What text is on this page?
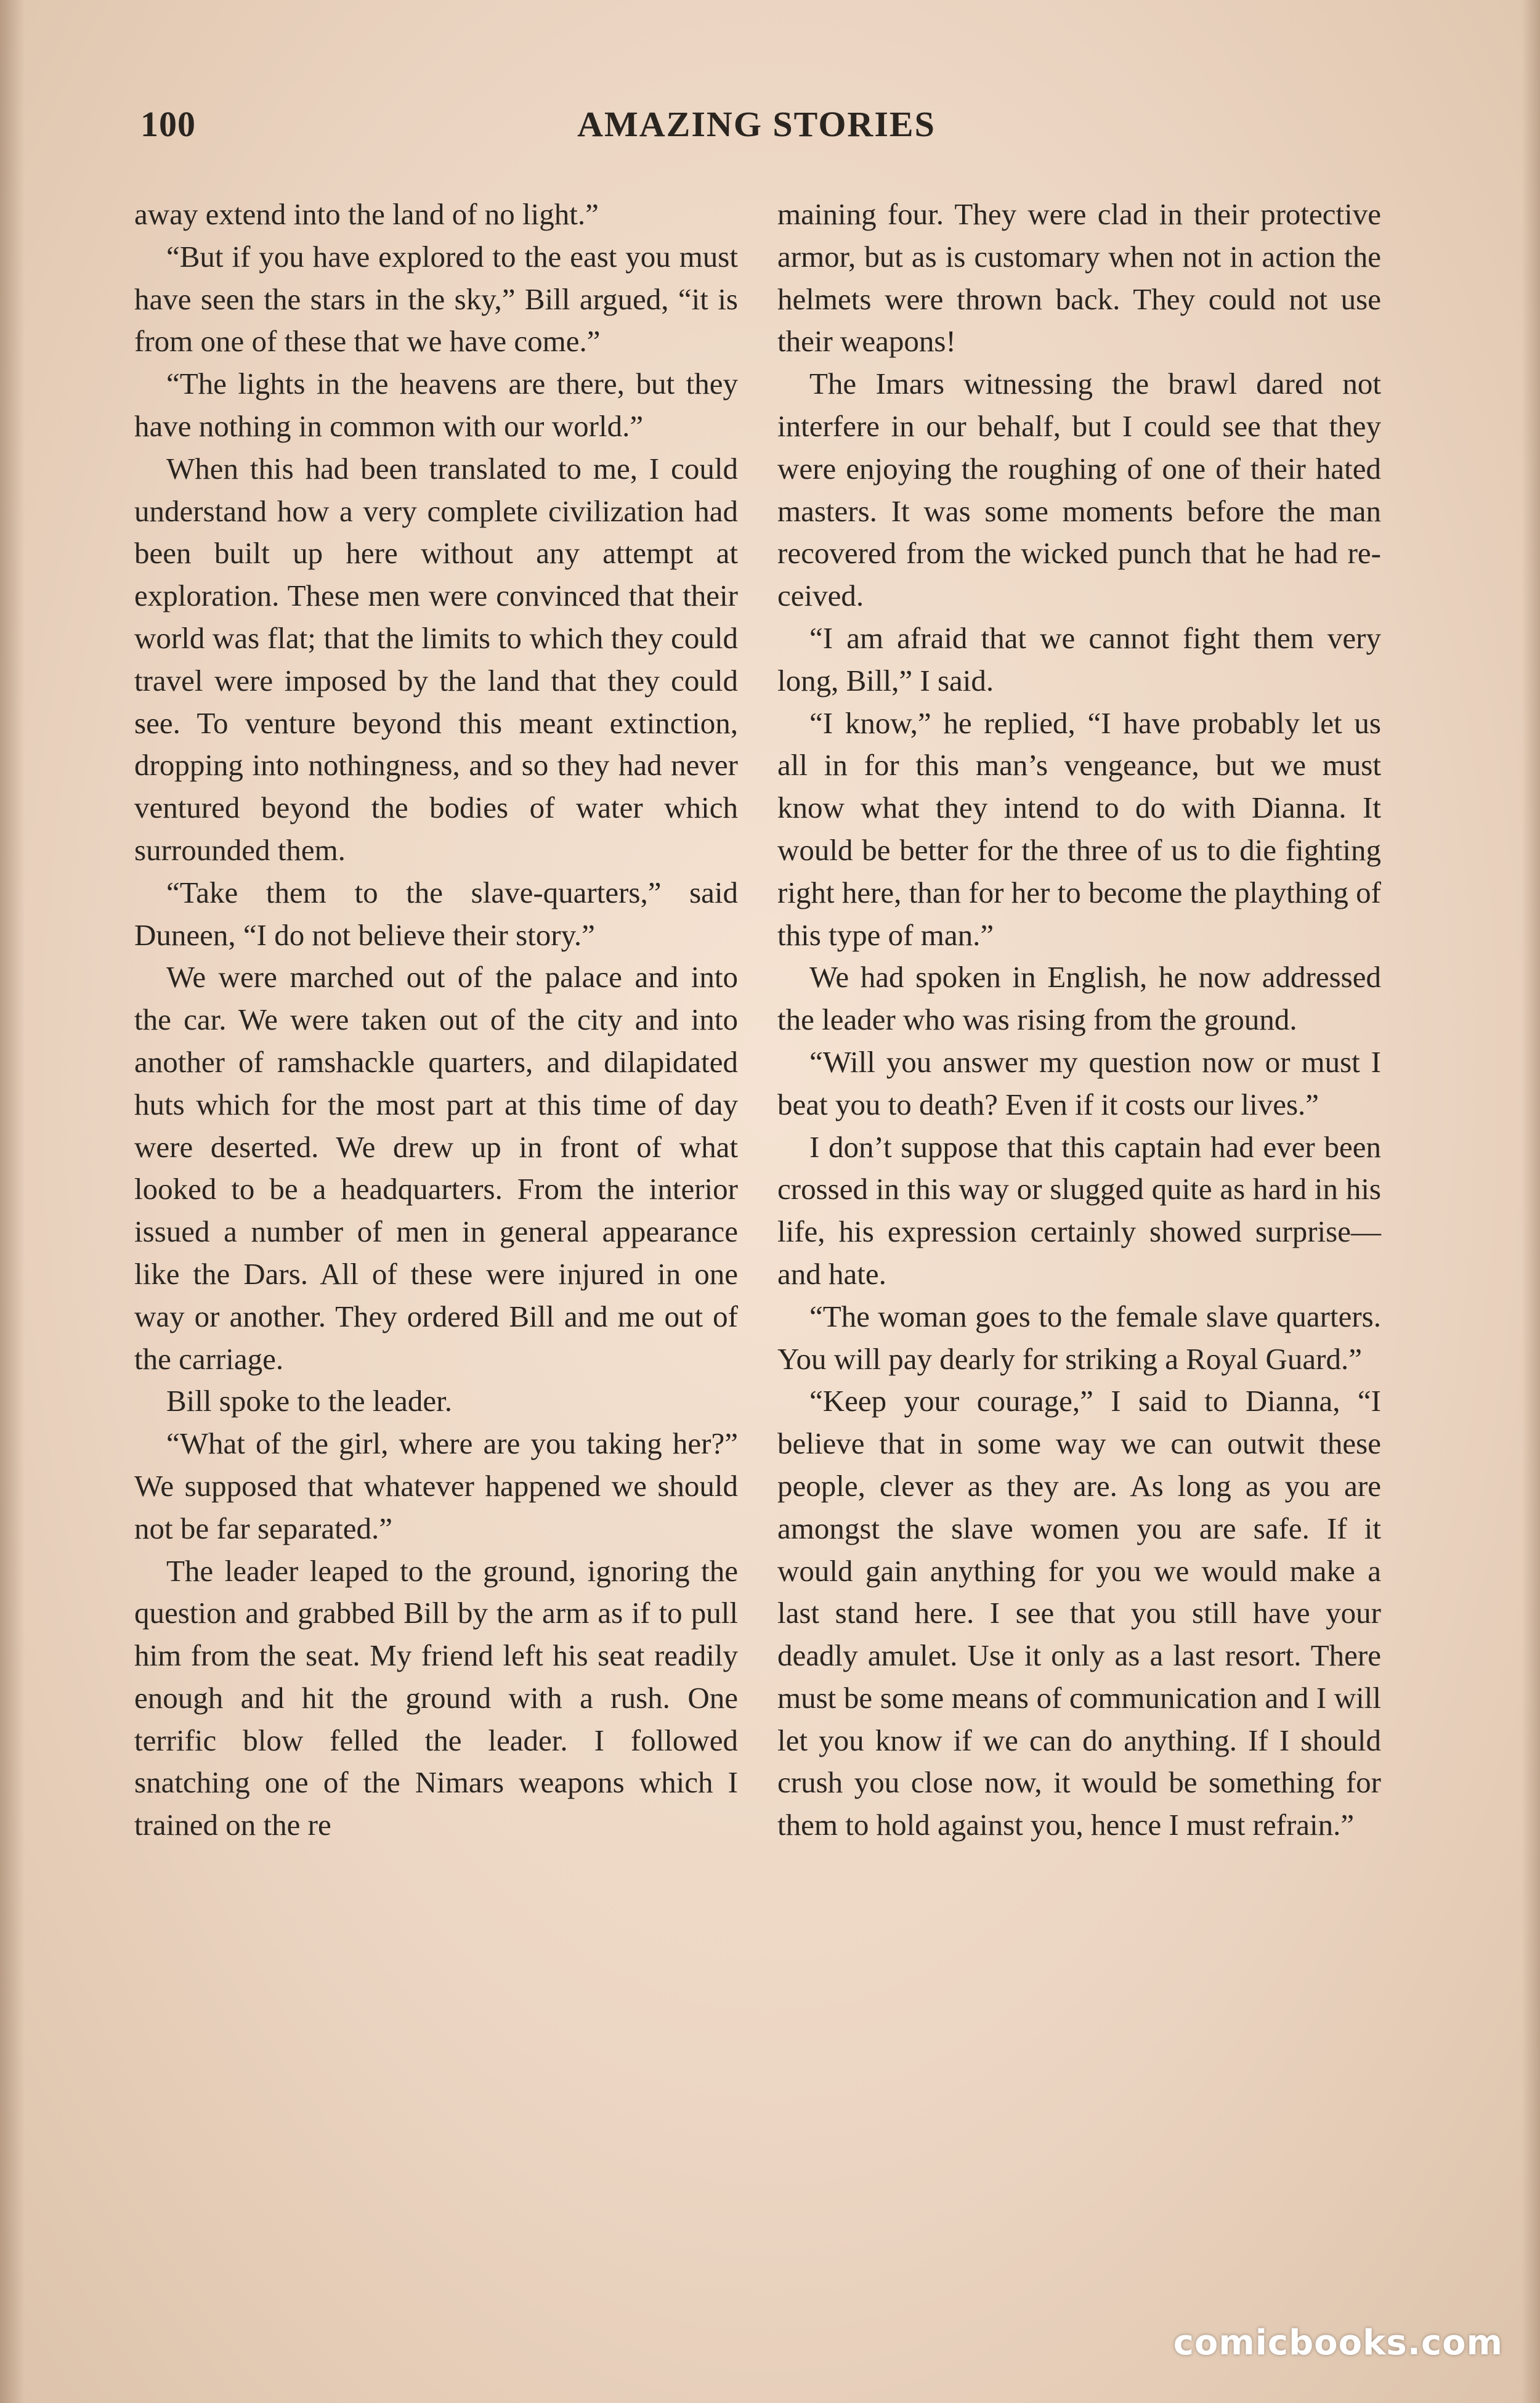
AMAZING STORIES
100

away extend into the land of no light.”

“But if you have explored to the east you must have seen the stars in the sky,” Bill argued, “it is from one of these that we have come.”

“The lights in the heavens are there, but they have nothing in common with our world.”

When this had been translated to me, I could understand how a very complete civilization had been built up here without any attempt at exploration. These men were convinced that their world was flat; that the limits to which they could travel were imposed by the land that they could see. To venture beyond this meant extinction, dropping into nothingness, and so they had never ventured beyond the bodies of water which surrounded them.

“Take them to the slave-quarters,” said Duneen, “I do not believe their story.”

We were marched out of the palace and into the car. We were taken out of the city and into another of ramshackle quarters, and dilapidated huts which for the most part at this time of day were deserted. We drew up in front of what looked to be a headquarters. From the interior issued a number of men in general appearance like the Dars. All of these were injured in one way or another. They ordered Bill and me out of the carriage.

Bill spoke to the leader.

“What of the girl, where are you taking her?” We supposed that whatever happened we should not be far separated.”

The leader leaped to the ground, ignoring the question and grabbed Bill by the arm as if to pull him from the seat. My friend left his seat readily enough and hit the ground with a rush. One terrific blow felled the leader. I followed snatching one of the Nimars weapons which I trained on the re

maining four. They were clad in their protective armor, but as is customary when not in action the helmets were thrown back. They could not use their weapons!

The Imars witnessing the brawl dared not interfere in our behalf, but I could see that they were enjoying the roughing of one of their hated masters. It was some moments before the man recovered from the wicked punch that he had received.

“I am afraid that we cannot fight them very long, Bill,” I said.

“I know,” he replied, “I have probably let us all in for this man’s vengeance, but we must know what they intend to do with Dianna. It would be better for the three of us to die fighting right here, than for her to become the plaything of this type of man.”

We had spoken in English, he now addressed the leader who was rising from the ground.

“Will you answer my question now or must I beat you to death? Even if it costs our lives.”

I don’t suppose that this captain had ever been crossed in this way or slugged quite as hard in his life, his expression certainly showed surprise—and hate.

“The woman goes to the female slave quarters. You will pay dearly for striking a Royal Guard.”

“Keep your courage,” I said to Dianna, “I believe that in some way we can outwit these people, clever as they are. As long as you are amongst the slave women you are safe. If it would gain anything for you we would make a last stand here. I see that you still have your deadly amulet. Use it only as a last resort. There must be some means of communication and I will let you know if we can do anything. If I should crush you close now, it would be something for them to hold against you, hence I must refrain.”

comicbooks.com
